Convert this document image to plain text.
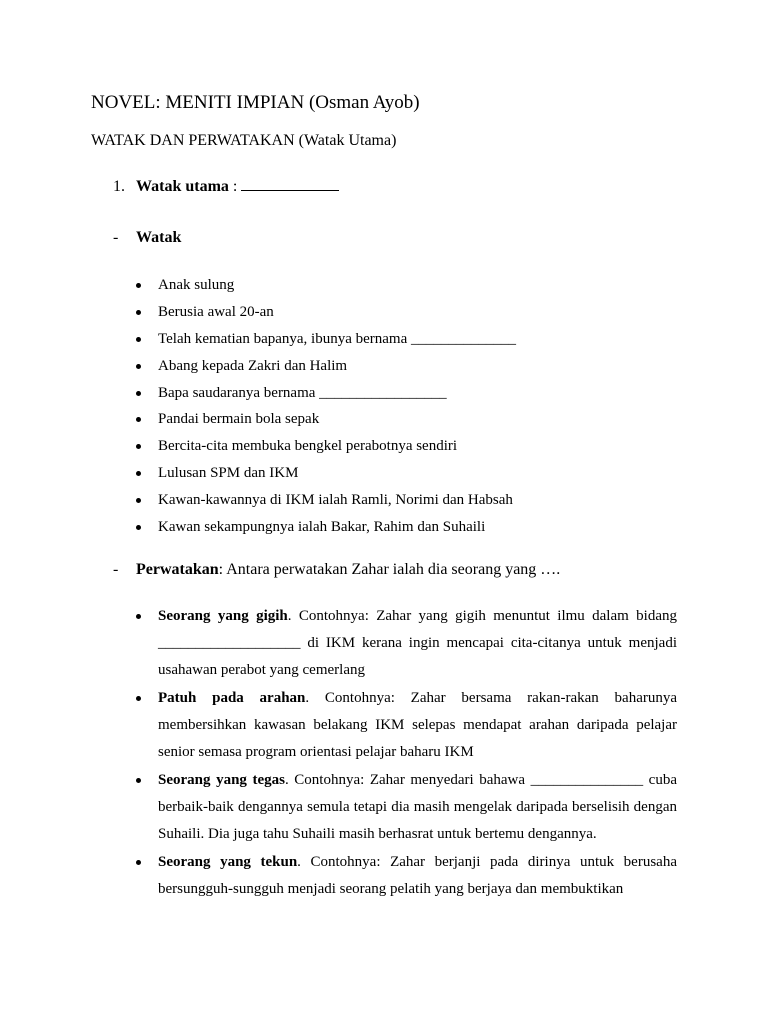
NOVEL: MENITI IMPIAN (Osman Ayob)
WATAK DAN PERWATAKAN (Watak Utama)
1. Watak utama :
- Watak
Anak sulung
Berusia awal 20-an
Telah kematian bapanya, ibunya bernama ______________
Abang kepada Zakri dan Halim
Bapa saudaranya bernama _________________
Pandai bermain bola sepak
Bercita-cita membuka bengkel perabotnya sendiri
Lulusan SPM dan IKM
Kawan-kawannya di IKM ialah Ramli, Norimi dan Habsah
Kawan sekampungnya ialah Bakar, Rahim dan Suhaili
- Perwatakan: Antara perwatakan Zahar ialah dia seorang yang ….
Seorang yang gigih. Contohnya: Zahar yang gigih menuntut ilmu dalam bidang ___________________ di IKM kerana ingin mencapai cita-citanya untuk menjadi usahawan perabot yang cemerlang
Patuh pada arahan. Contohnya: Zahar bersama rakan-rakan baharunya membersihkan kawasan belakang IKM selepas mendapat arahan daripada pelajar senior semasa program orientasi pelajar baharu IKM
Seorang yang tegas. Contohnya: Zahar menyedari bahawa _______________ cuba berbaik-baik dengannya semula tetapi dia masih mengelak daripada berselisih dengan Suhaili. Dia juga tahu Suhaili masih berhasrat untuk bertemu dengannya.
Seorang yang tekun. Contohnya: Zahar berjanji pada dirinya untuk berusaha bersungguh-sungguh menjadi seorang pelatih yang berjaya dan membuktikan
